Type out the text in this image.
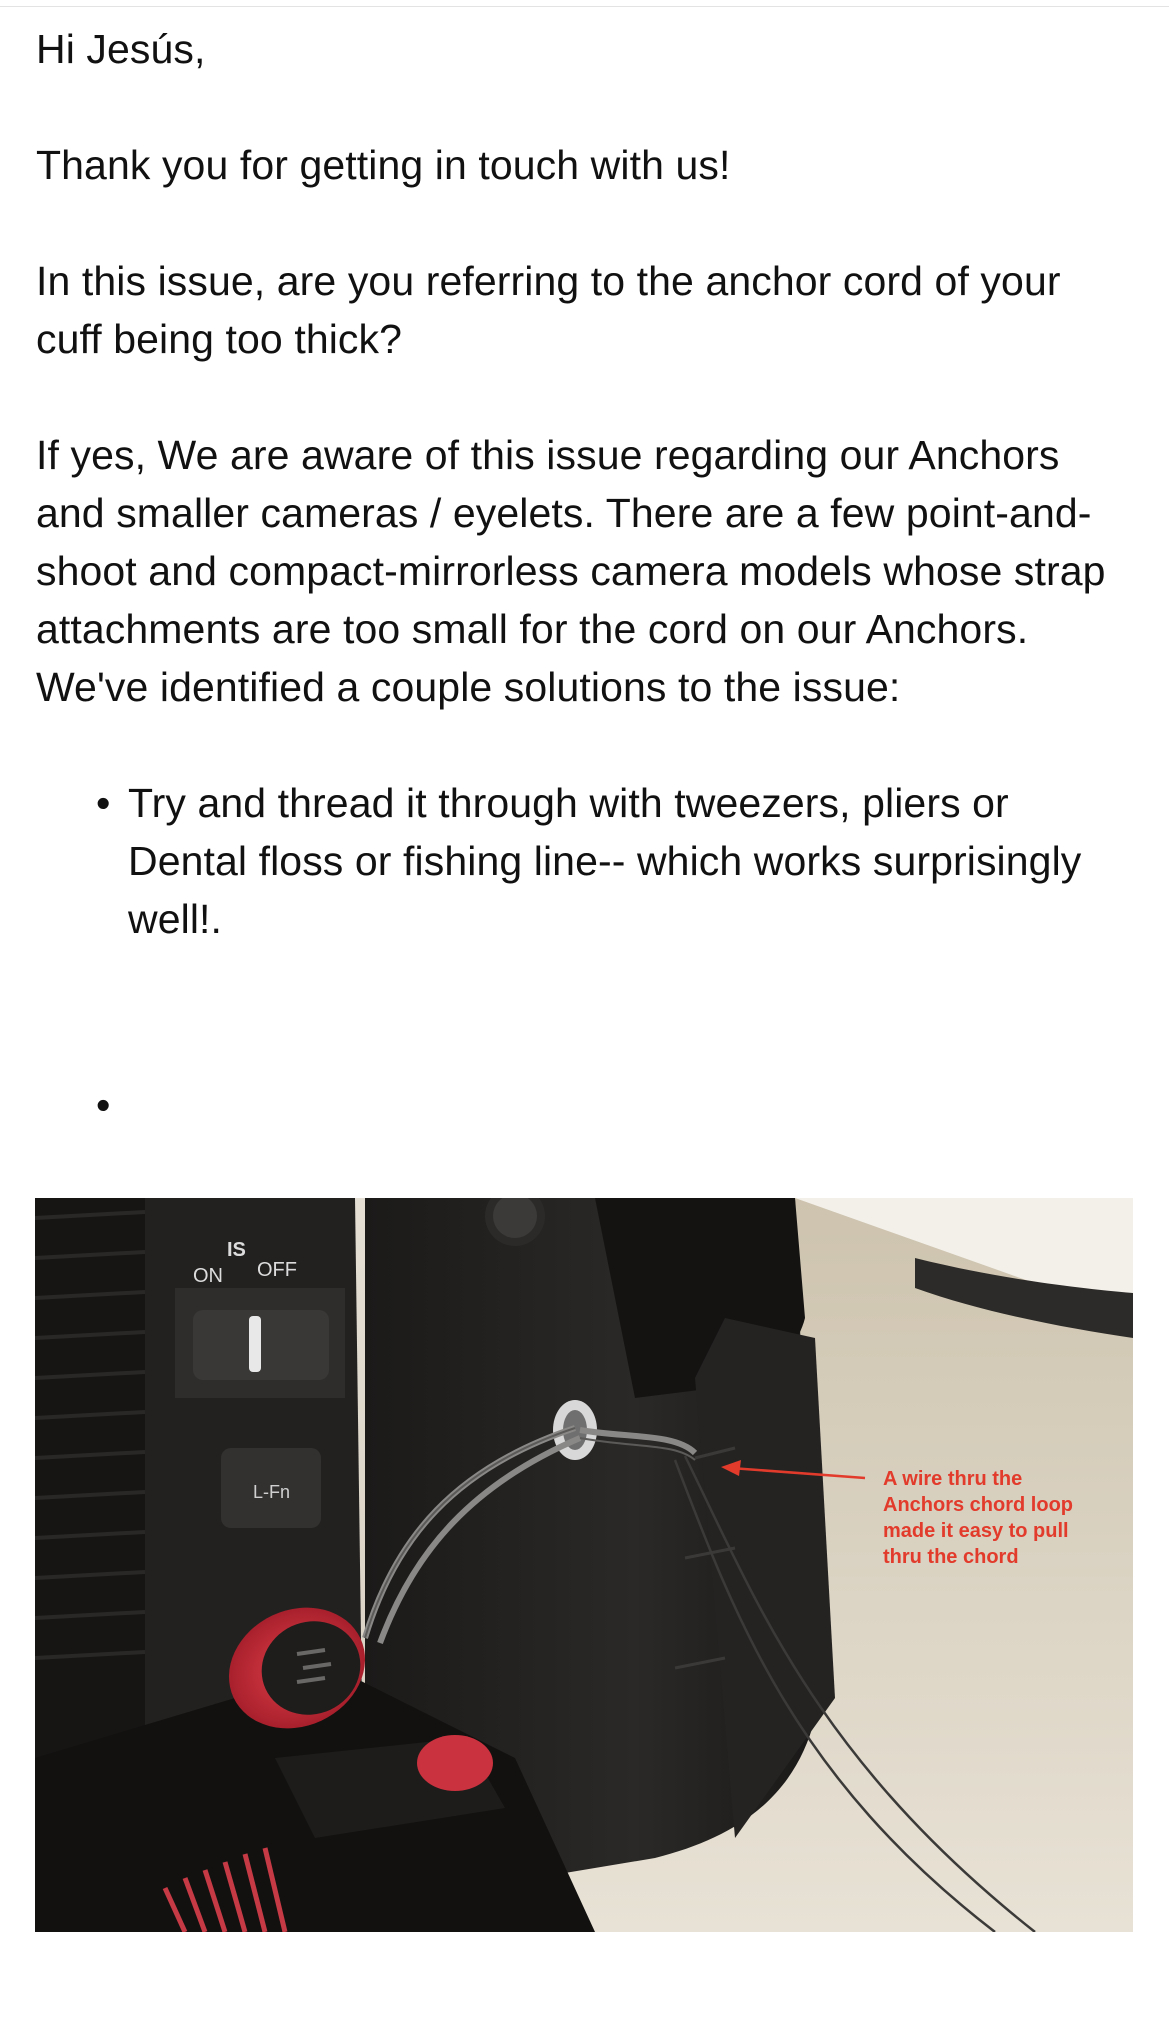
Hi Jesús,

Thank you for getting in touch with us!

In this issue, are you referring to the anchor cord of your cuff being too thick?

If yes, We are aware of this issue regarding our Anchors and smaller cameras / eyelets. There are a few point-and-shoot and compact-mirrorless camera models whose strap attachments are too small for the cord on our Anchors. We've identified a couple solutions to the issue:

• Try and thread it through with tweezers, pliers or Dental floss or fishing line-- which works surprisingly well!.
•
IS
ON OFF
L-Fn
A wire thru the
Anchors chord loop
made it easy to pull
thru the chord
